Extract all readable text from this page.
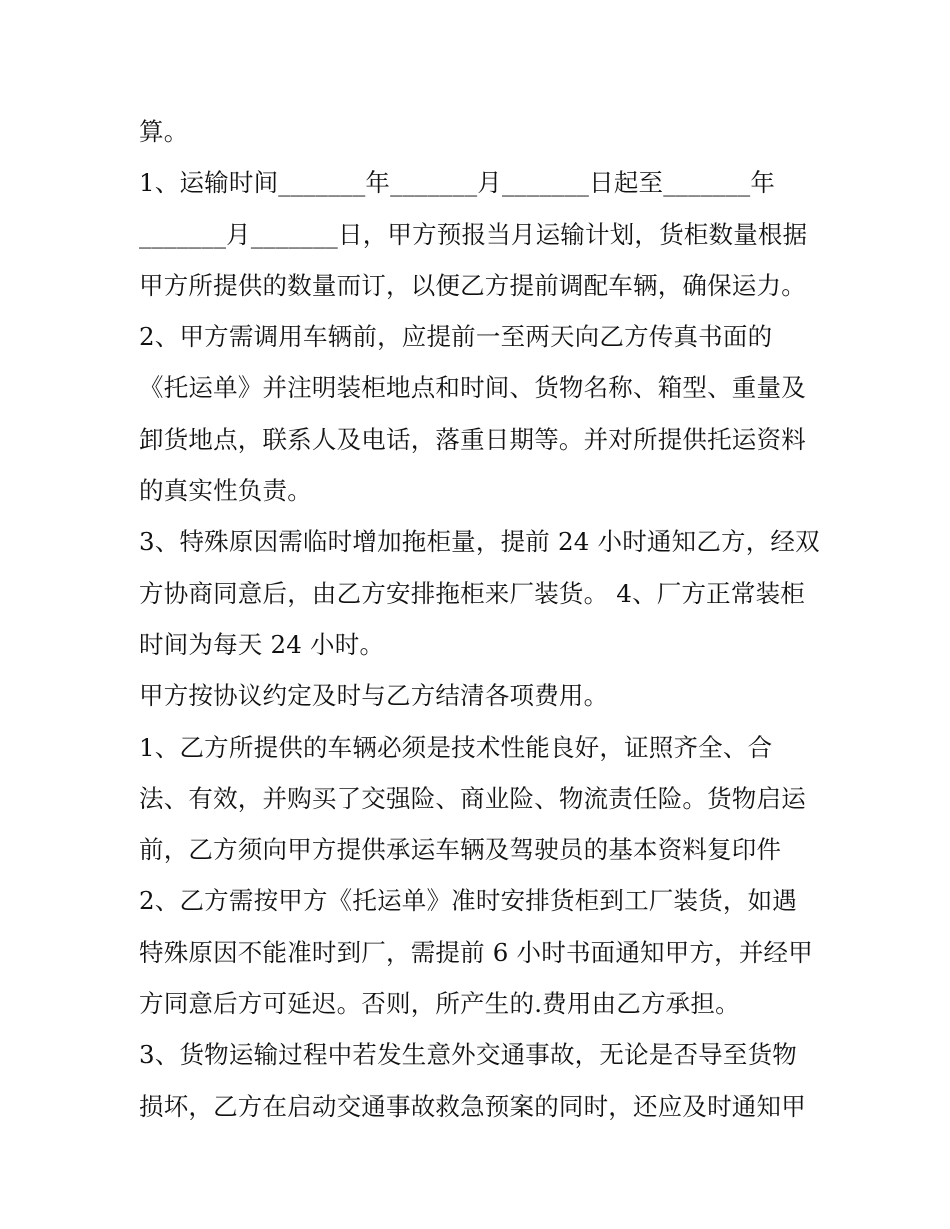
算。
1、运输时间_______年_______月_______日起至_______年
_______月_______日，甲方预报当月运输计划，货柜数量根据
甲方所提供的数量而订，以便乙方提前调配车辆，确保运力。
2、甲方需调用车辆前，应提前一至两天向乙方传真书面的
《托运单》并注明装柜地点和时间、货物名称、箱型、重量及
卸货地点，联系人及电话，落重日期等。并对所提供托运资料
的真实性负责。
3、特殊原因需临时增加拖柜量，提前 24 小时通知乙方，经双
方协商同意后，由乙方安排拖柜来厂装货。 4、厂方正常装柜
时间为每天 24 小时。
甲方按协议约定及时与乙方结清各项费用。
1、乙方所提供的车辆必须是技术性能良好，证照齐全、合
法、有效，并购买了交强险、商业险、物流责任险。货物启运
前，乙方须向甲方提供承运车辆及驾驶员的基本资料复印件
2、乙方需按甲方《托运单》准时安排货柜到工厂装货，如遇
特殊原因不能准时到厂，需提前 6 小时书面通知甲方，并经甲
方同意后方可延迟。否则，所产生的.费用由乙方承担。
3、货物运输过程中若发生意外交通事故，无论是否导至货物
损坏，乙方在启动交通事故救急预案的同时，还应及时通知甲
